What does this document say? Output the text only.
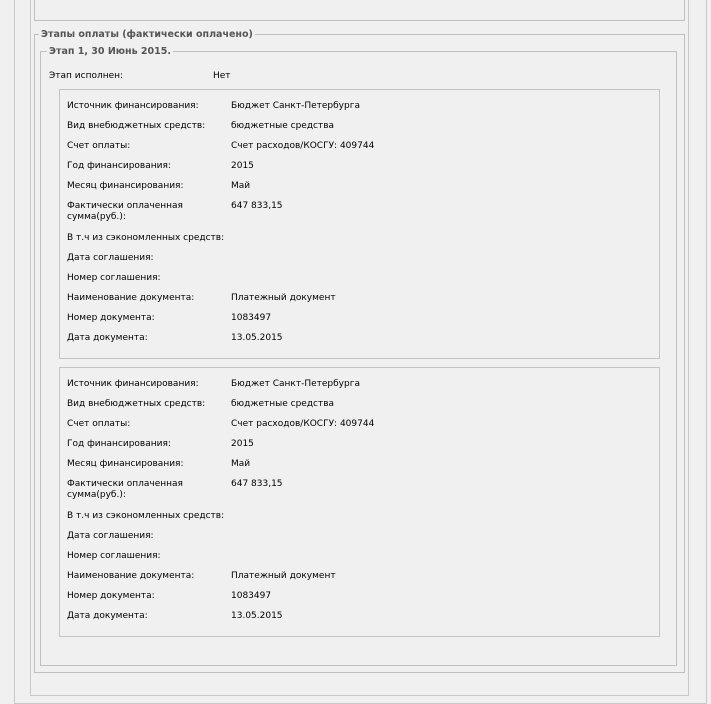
Этапы оплаты (фактически оплачено)
Этап 1, 30 Июнь 2015.
Этап исполнен:	Нет
Источник финансирования:	Бюджет Санкт-Петербурга
Вид внебюджетных средств:	бюджетные средства
Счет оплаты:	Счет расходов/КОСГУ: 409744
Год финансирования:	2015
Месяц финансирования:	Май
Фактически оплаченная сумма(руб.):
647 833,15
В т.ч из сэкономленных средств:
Дата соглашения:
Номер соглашения:
Наименование документа:	Платежный документ
Номер документа:	1083497
Дата документа:	13.05.2015
Источник финансирования:	Бюджет Санкт-Петербурга
Вид внебюджетных средств:	бюджетные средства
Счет оплаты:	Счет расходов/КОСГУ: 409744
Год финансирования:	2015
Месяц финансирования:	Май
Фактически оплаченная сумма(руб.):
647 833,15
В т.ч из сэкономленных средств:
Дата соглашения:
Номер соглашения:
Наименование документа:	Платежный документ
Номер документа:	1083497
Дата документа:	13.05.2015
